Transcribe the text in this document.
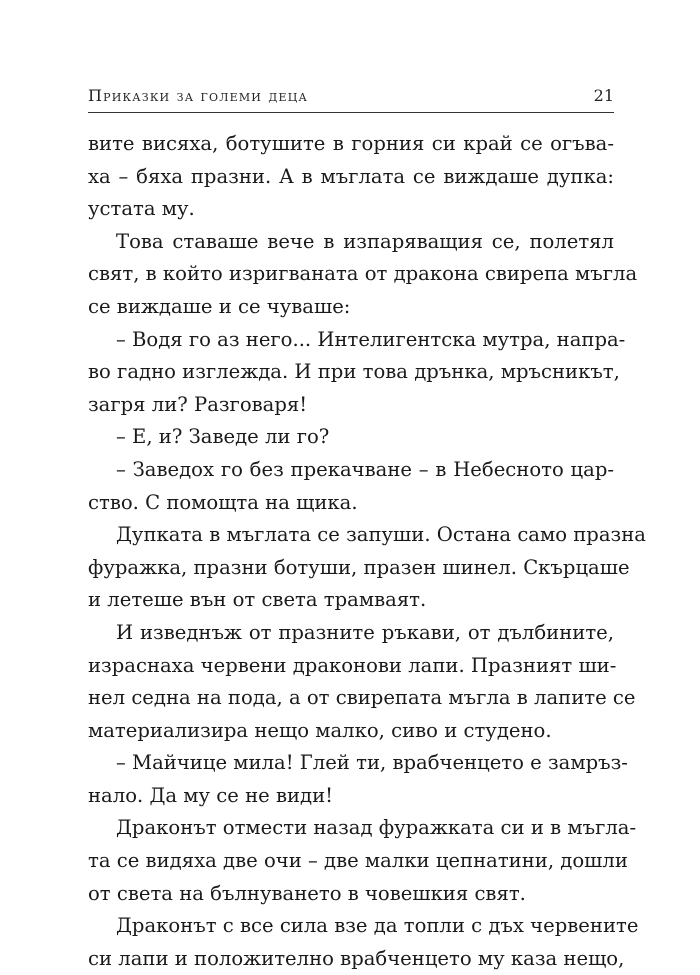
Приказки за големи деца	21
вите висяха, ботушите в горния си край се огъва-
ха – бяха празни. А в мъглата се виждаше дупка:
устата му.
Това ставаше вече в изпаряващия се, полетял
свят, в който изригваната от дракона свирепа мъгла
се виждаше и се чуваше:
– Водя го аз него... Интелигентска мутра, напра-
во гадно изглежда. И при това дрънка, мръсникът,
загря ли? Разговаря!
– Е, и? Заведе ли го?
– Заведох го без прекачване – в Небесното цар-
ство. С помощта на щика.
Дупката в мъглата се запуши. Остана само празна
фуражка, празни ботуши, празен шинел. Скърцаше
и летеше вън от света трамваят.
И изведнъж от празните ръкави, от дълбините,
израснаха червени драконови лапи. Празният ши-
нел седна на пода, а от свирепата мъгла в лапите се
материализира нещо малко, сиво и студено.
– Майчице мила! Глей ти, врабченцето е замръз-
нало. Да му се не види!
Драконът отмести назад фуражката си и в мъгла-
та се видяха две очи – две малки цепнатини, дошли
от света на бълнуването в човешкия свят.
Драконът с все сила взе да топли с дъх червените
си лапи и положително врабченцето му каза нещо,
